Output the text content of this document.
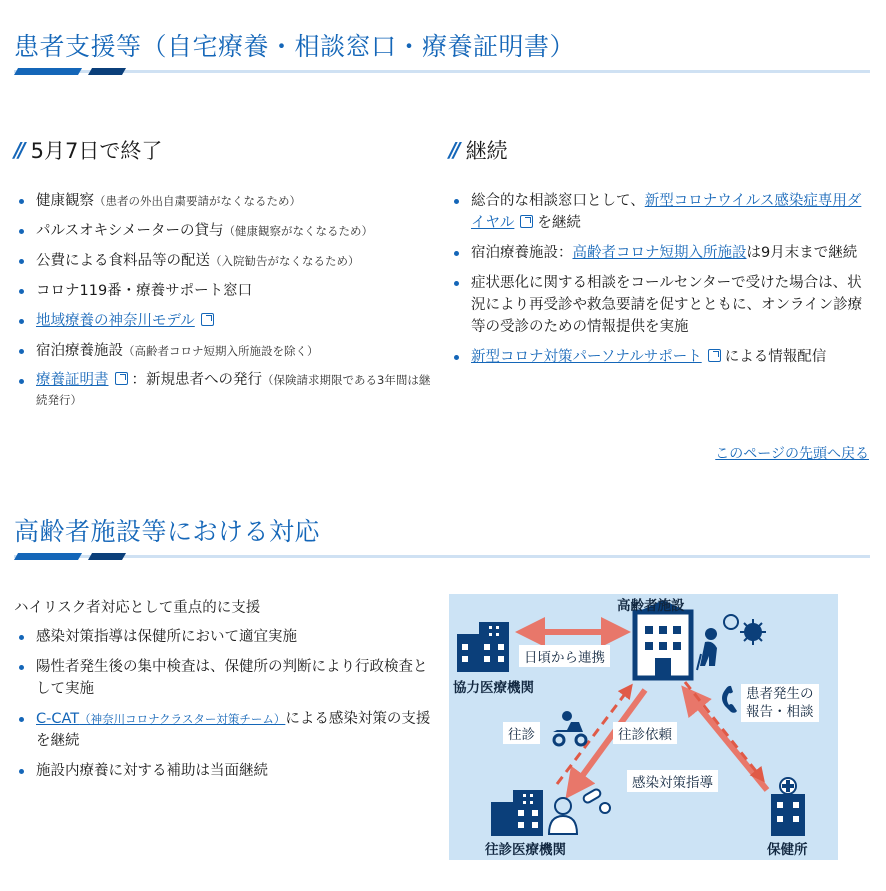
患者支援等（自宅療養・相談窓口・療養証明書）
// 5月7日で終了
健康観察（患者の外出自粛要請がなくなるため）
パルスオキシメーターの貸与（健康観察がなくなるため）
公費による食料品等の配送（入院勧告がなくなるため）
コロナ119番・療養サポート窓口
地域療養の神奈川モデル
宿泊療養施設（高齢者コロナ短期入所施設を除く）
療養証明書 ：新規患者への発行（保険請求期限である3年間は継続発行）
// 継続
総合的な相談窓口として、新型コロナウイルス感染症専用ダイヤル を継続
宿泊療養施設：高齢者コロナ短期入所施設は9月末まで継続
症状悪化に関する相談をコールセンターで受けた場合は、状況により再受診や救急要請を促すとともに、オンライン診療等の受診のための情報提供を実施
新型コロナ対策パーソナルサポート による情報配信
このページの先頭へ戻る
高齢者施設等における対応
ハイリスク者対応として重点的に支援
感染対策指導は保健所において適宜実施
陽性者発生後の集中検査は、保健所の判断により行政検査として実施
C-CAT（神奈川コロナクラスター対策チーム）による感染対策の支援を継続
施設内療養に対する補助は当面継続
高齢者施設
協力医療機関
往診医療機関	保健所
日頃から連携
往診	往診依頼
感染対策指導
患者発生の
報告・相談
